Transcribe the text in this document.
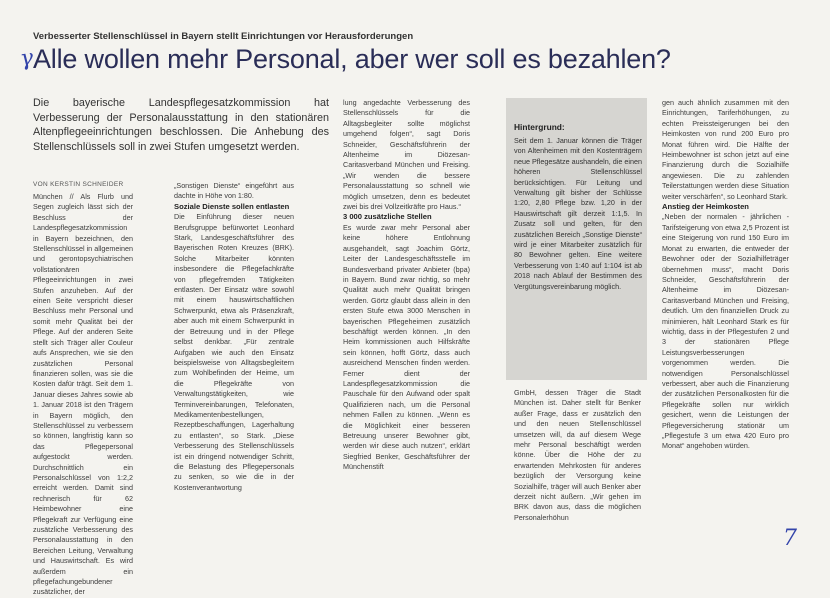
Verbesserter Stellenschlüssel in Bayern stellt Einrichtungen vor Herausforderungen
γ
Alle wollen mehr Personal, aber wer soll es bezahlen?
Die bayerische Landespflegesatzkommission hat Verbesserung der Personalausstattung in den stationären Altenpflegeeinrichtungen beschlossen. Die Anhebung des Stellenschlüssels soll in zwei Stufen umgesetzt werden.
VON KERSTIN SCHNEIDER

München // Als Flurb und Segen zugleich lässt sich der Beschluss der Landespflegesatzkommission in Bayern bezeichnen, den Stellenschlüssel in allgemeinen und gerontopsychiatrischen vollstationären Pflegeeinrichtungen in zwei Stufen anzuheben. Auf der einen Seite verspricht dieser Beschluss mehr Personal und somit mehr Qualität bei der Pflege. Auf der anderen Seite stellt sich Träger aller Couleur aufs Ansprechen, wie sie den zusätzlichen Personal finanzieren sollen, was sie die Kosten dafür trägt. Seit dem 1. Januar dieses Jahres sowie ab 1. Januar 2018 ist den Trägern in Bayern möglich, den Stellenschlüssel zu verbessern so können, langfristig kann so das Pflegepersonal aufgestockt werden. Durchschnittlich ein Personalschlüssel von 1:2,2 erreicht werden. Damit sind rechnerisch für 62 Heimbewohner eine Pflegekraft zur Verfügung eine zusätzliche Verbesserung des Personalausstattung in den Bereichen Leitung, Verwaltung und Hauswirtschaft. Es wird außerdem ein pflegefachungebundener zusätzlicher, der

„Sonstigen Dienste“ eingeführt aus dachte in Höhe von 1:80.

Soziale Dienste sollen entlasten

Die Einführung dieser neuen Berufsgruppe befürwortet Leonhard Stark, Landesgeschäftsführer des Bayerischen Roten Kreuzes (BRK). Solche Mitarbeiter könnten insbesondere die Pflegefachkräfte von pflegefremden Tätigkeiten entlasten. Der Einsatz wäre sowohl mit einem hauswirtschaftlichen Schwerpunkt, etwa als Präsenzkraft, aber auch mit einem Schwerpunkt in der Betreuung und in der Pflege selbst denkbar. „Für zentrale Aufgaben wie auch den Einsatz beispielsweise von Alltagsbegleitern zum Wohlbefinden der Heime, um die Pflegekräfte von Verwaltungstätigkeiten, wie Terminvereinbarungen, Telefonaten, Medikamentenbestellungen, Rezeptbeschaffungen, Lagerhaltung zu entlasten“, so Stark. „Diese Verbesserung des Stellenschlüssels ist ein dringend notwendiger Schritt, die Belastung des Pflegepersonals zu senken, so wie die in der Kostenverantwortung

lung angedachte Verbesserung des Stellenschlüssels für die Alltagsbegleiter sollte möglichst umgehend folgen“, sagt Doris Schneider, Geschäftsführerin der Altenheime im Diözesan-Caritasverband München und Freising. „Wir wenden die bessere Personalausstattung so schnell wie möglich umsetzen, denn es bedeutet zwei bis drei Vollzeitkräfte pro Haus.“

3 000 zusätzliche Stellen

Es wurde zwar mehr Personal aber keine höhere Entlohnung ausgehandelt, sagt Joachim Görtz, Leiter der Landesgeschäftsstelle im Bundesverband privater Anbieter (bpa) in Bayern. Bund zwar richtig, so mehr Qualität auch mehr Qualität bringen werden. Görtz glaubt dass allein in den ersten Stufe etwa 3000 Menschen in bayerischen Pflegeheimen zusätzlich beschäftigt werden können. „In den Heim kommissionen auch Hilfskräfte sein können, hofft Görtz, dass auch ausreichend Menschen finden werden. Ferner dient der Landespflegesatzkommission die Pauschale für den Aufwand oder spalt Qualifizieren nach, um die Personal nehmen Fallen zu können. „Wenn es die Möglichkeit einer besseren Betreuung unserer Bewohner gibt, werden wir diese auch nutzen“, erklärt Siegfried Benker, Geschäftsführer der Münchenstift

Hintergrund:
Seit dem 1. Januar können die Träger von Altenheimen mit den Kostenträgern neue Pflegesätze aushandeln, die einen höheren Stellenschlüssel berücksichtigen. Für Leitung und Verwaltung gilt bisher der Schlüsse 1:20, 2,80 Pflege bzw. 1,20 in der Hauswirtschaft gilt derzeit 1:1,5. In Zusatz soll und gelten, für den zusätzlichen Bereich „Sonstige Dienste“ wird je einer Mitarbeiter zusätzlich für 80 Bewohner gelten. Eine weitere Verbesserung von 1:40 auf 1:104 ist ab 2018 nach Ablauf der Bestimmen des Vergütungsvereinbarung möglich.

GmbH, dessen Träger die Stadt München ist. Daher stellt für Benker außer Frage, dass er zusätzlich den und den neuen Stellenschlüssel umsetzen will, da auf diesem Wege mehr Personal beschäftigt werden könne. Über die Höhe der zu erwartenden Mehrkosten für anderes bezüglich der Versorgung keine Sozialhilfe, träger will auch Benker aber derzeit nicht äußern. „Wir gehen im BRK davon aus, dass die möglichen Personalerhöhun

gen auch ähnlich zusammen mit den Einrichtungen, Tariferhöhungen, zu echten Preissteigerungen bei den Heimkosten von rund 200 Euro pro Monat führen wird. Die Hälfte der Heimbewohner ist schon jetzt auf eine Finanzierung durch die Sozialhilfe angewiesen. Die zu zahlenden Teilerstattungen werden diese Situation weiter verschärfen“, so Leonhard Stark.

Anstieg der Heimkosten

„Neben der normalen - jährlichen - Tarifsteigerung von etwa 2,5 Prozent ist eine Steigerung von rund 150 Euro im Monat zu erwarten, die entweder der Bewohner oder der Sozialhilfeträger übernehmen muss“, macht Doris Schneider, Geschäftsführerin der Altenheime im Diözesan-Caritasverband München und Freising, deutlich. Um den finanziellen Druck zu minimieren, hält Leonhard Stark es für wichtig, dass in der Pflegestufen 2 und 3 der stationären Pflege Leistungsverbesserungen vorgenommen werden. Die notwendigen Personalschlüssel verbessert, aber auch die Finanzierung der zusätzlichen Personalkosten für die Pflegekräfte sollen nur wirklich gesichert, wenn die Leistungen der Pflegeversicherung stationär um „Pflegestufe 3 um etwa 420 Euro pro Monat“ angehoben würden.

7
